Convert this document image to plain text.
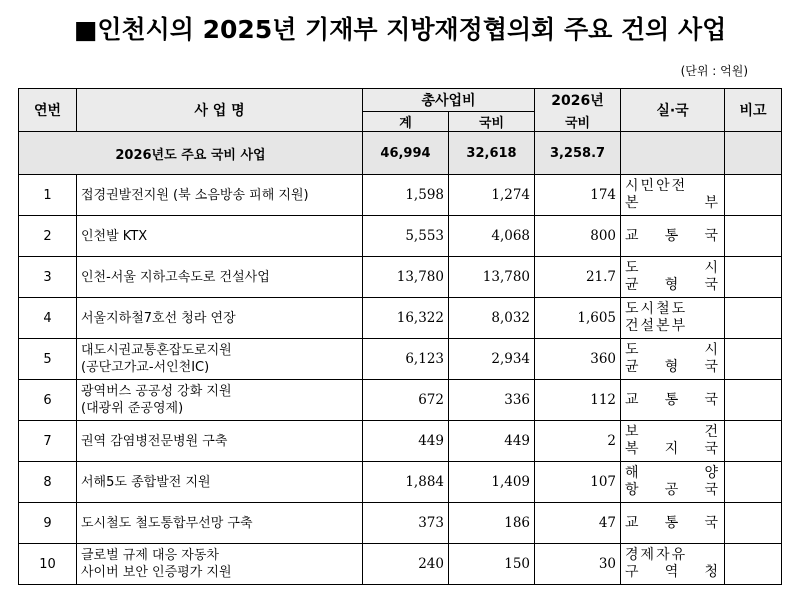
■인천시의 2025년 기재부 지방재정협의회 주요 건의 사업
(단위 : 억원)
연번	사 업 명	총사업비		2026년	실·국	비고
		계	국비	국비		
2026년도 주요 국비 사업		46,994	32,618	3,258.7		
1	접경권발전지원 (북 소음방송 피해 지원)	1,598	1,274	174	시민안전
본 부	

2	인천발 KTX	5,553	4,068	800	교 통 국	

3	인천-서울 지하고속도로 건설사업	13,780	13,780	21.7	도 시
균 형 국	

4	서울지하철7호선 청라 연장	16,322	8,032	1,605	도시철도
건설본부	

5	대도시권교통혼잡도로지원
(공단고가교-서인천IC)	6,123	2,934	360	도 시
균 형 국	

6	광역버스 공공성 강화 지원
(대광위 준공영제)	672	336	112	교 통 국	

7	권역 감염병전문병원 구축	449	449	2	보 건
복 지 국	

8	서해5도 종합발전 지원	1,884	1,409	107	해 양
항 공 국	

9	도시철도 철도통합무선망 구축	373	186	47	교 통 국	

10	글로벌 규제 대응 자동차
사이버 보안 인증평가 지원	240	150	30	경제자유
구 역 청	
